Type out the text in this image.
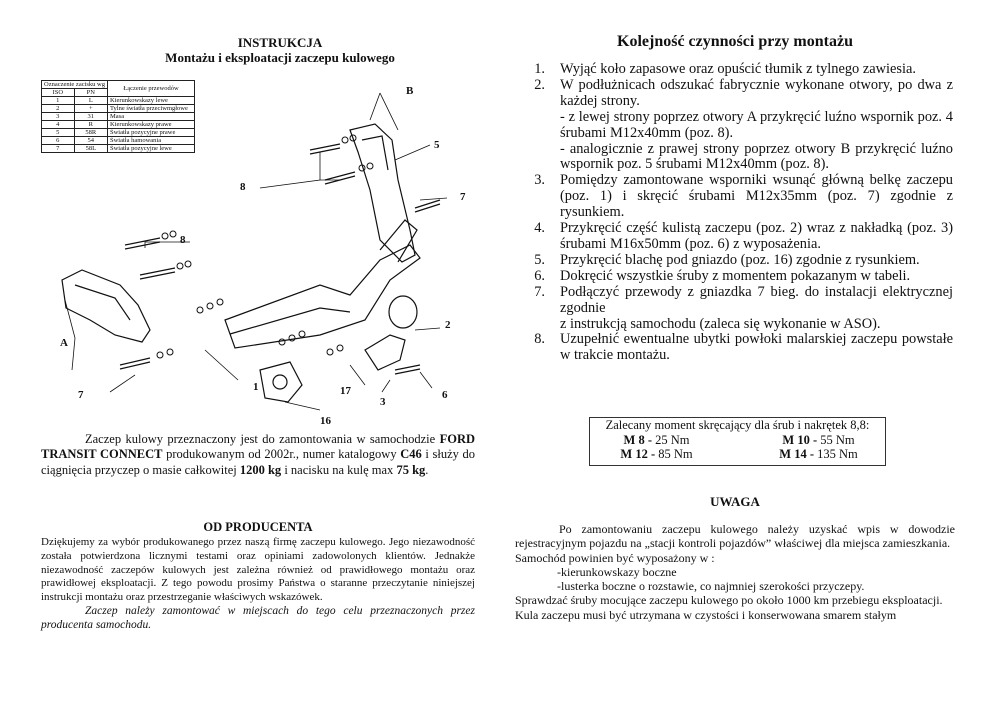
INSTRUKCJA
Montażu i eksploatacji zaczepu kulowego
B
5
8
7
8
A
2
1	17
3
6
7
16
Oznaczenie zacisku wg		Łączenie przewodów
ISO	PN	
1	L	Kierunkowskazy lewe
2	+	Tylne światła przeciwmgłowe
3	31	Masa
4	R	Kierunkowskazy prawe
5	58R	Światła pozycyjne prawe
6	54	Światła hamowania
7	58L	Światła pozycyjne lewe

Zaczep kulowy przeznaczony jest do zamontowania w samochodzie FORD TRANSIT CONNECT produkowanym od 2002r., numer katalogowy C46 i służy do ciągnięcia przyczep o masie całkowitej 1200 kg i nacisku na kulę max 75 kg.

OD PRODUCENTA

Dziękujemy za wybór produkowanego przez naszą firmę zaczepu kulowego. Jego niezawodność została potwierdzona licznymi testami oraz opiniami zadowolonych klientów. Jednakże niezawodność zaczepów kulowych jest zależna również od prawidłowego montażu oraz prawidłowej eksploatacji. Z tego powodu prosimy Państwa o staranne przeczytanie niniejszej instrukcji montażu oraz przestrzeganie właściwych wskazówek.

Zaczep należy zamontować w miejscach do tego celu przeznaczonych przez producenta samochodu.

Kolejność czynności przy montażu
1. Wyjąć koło zapasowe oraz opuścić tłumik z tylnego zawiesia.
2. W podłużnicach odszukać fabrycznie wykonane otwory, po dwa z każdej strony.
- z lewej strony poprzez otwory A przykręcić luźno wspornik poz. 4 śrubami M12x40mm (poz. 8).
- analogicznie z prawej strony poprzez otwory B przykręcić luźno wspornik poz. 5 śrubami M12x40mm (poz. 8).
3. Pomiędzy zamontowane wsporniki wsunąć główną belkę zaczepu (poz. 1) i skręcić śrubami M12x35mm (poz. 7) zgodnie z rysunkiem.
4. Przykręcić część kulistą zaczepu (poz. 2) wraz z nakładką (poz. 3) śrubami M16x50mm (poz. 6) z wyposażenia.
5. Przykręcić blachę pod gniazdo (poz. 16) zgodnie z rysunkiem.
6. Dokręcić wszystkie śruby z momentem pokazanym w tabeli.
7. Podłączyć przewody z gniazdka 7 bieg. do instalacji elektrycznej zgodnie
z instrukcją samochodu (zaleca się wykonanie w ASO).
8. Uzupełnić ewentualne ubytki powłoki malarskiej zaczepu powstałe w trakcie montażu.
Zalecany moment skręcający dla śrub i nakrętek 8,8:
M 8 - 25 Nm	M 10 - 55 Nm
M 12 - 85 Nm	M 14 - 135 Nm
UWAGA

Po zamontowaniu zaczepu kulowego należy uzyskać wpis w dowodzie rejestracyjnym pojazdu na „stacji kontroli pojazdów” właściwej dla miejsca zamieszkania.

Samochód powinien być wyposażony w :

-kierunkowskazy boczne

-lusterka boczne o rozstawie, co najmniej szerokości przyczepy.

Sprawdzać śruby mocujące zaczepu kulowego po około 1000 km przebiegu eksploatacji.

Kula zaczepu musi być utrzymana w czystości i konserwowana smarem stałym
